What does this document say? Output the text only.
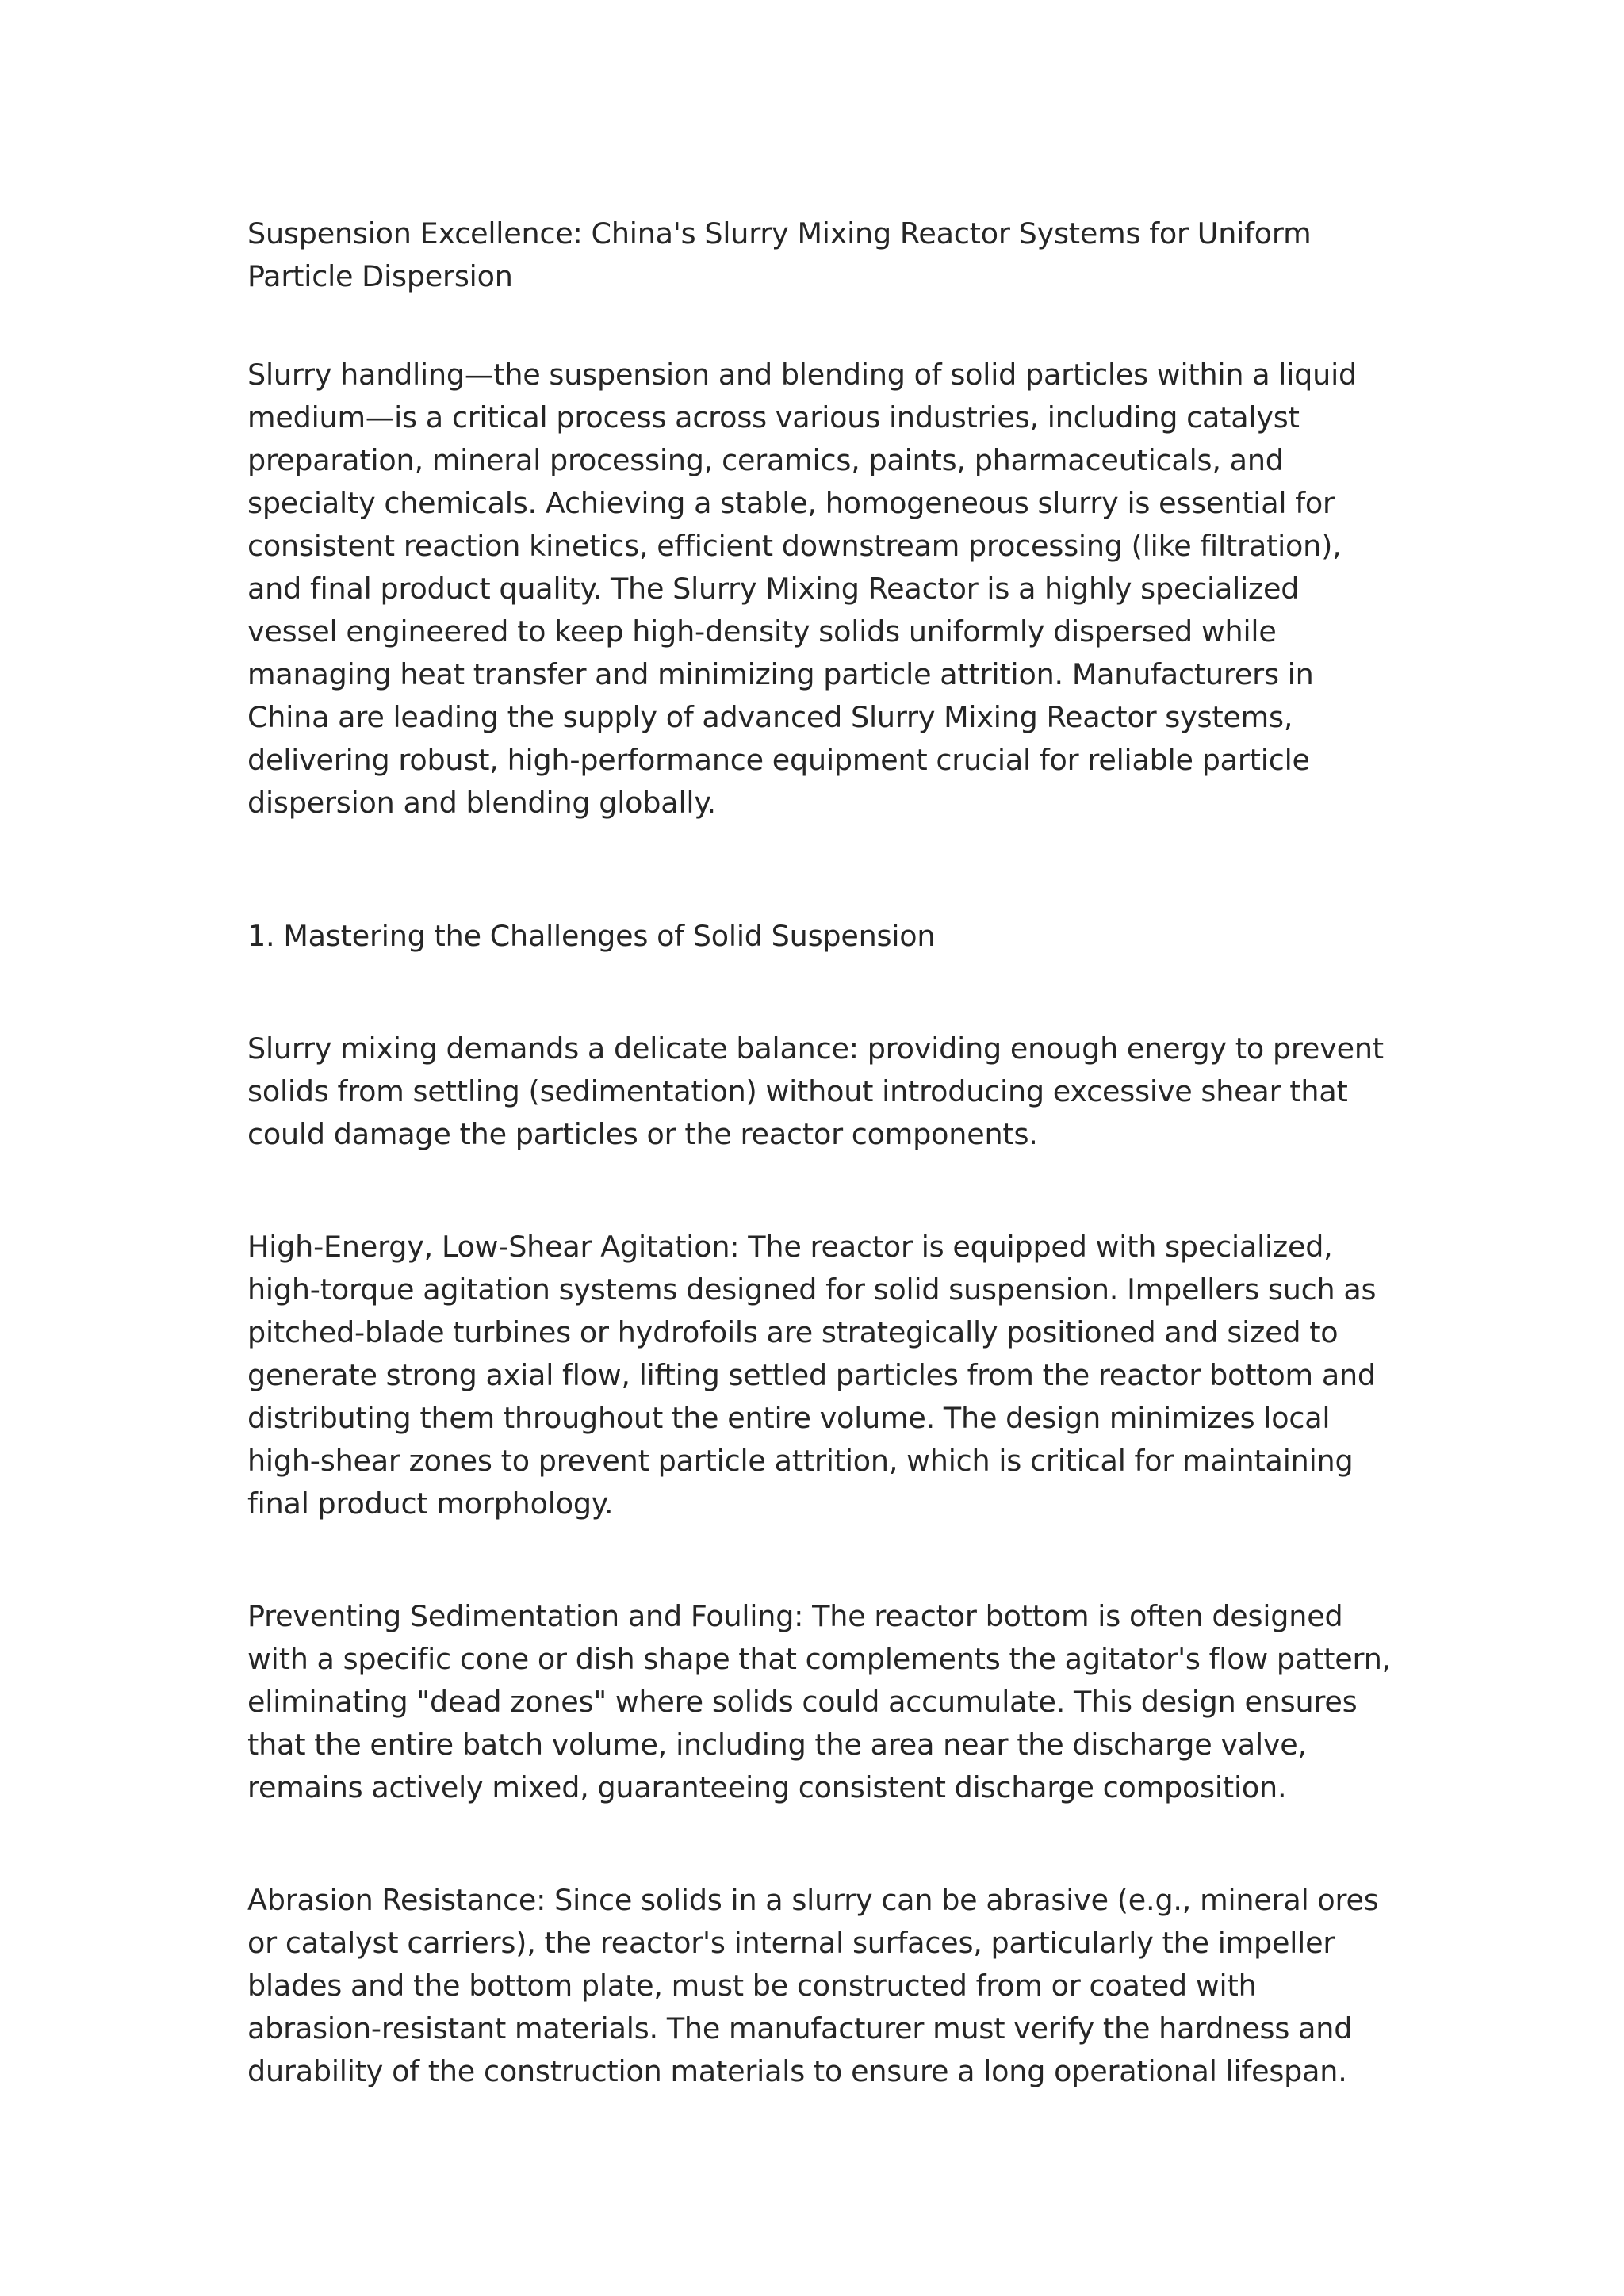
Suspension Excellence: China's Slurry Mixing Reactor Systems for Uniform Particle Dispersion

Slurry handling—the suspension and blending of solid particles within a liquid medium—is a critical process across various industries, including catalyst preparation, mineral processing, ceramics, paints, pharmaceuticals, and specialty chemicals. Achieving a stable, homogeneous slurry is essential for consistent reaction kinetics, efficient downstream processing (like filtration), and final product quality. The Slurry Mixing Reactor is a highly specialized vessel engineered to keep high-density solids uniformly dispersed while managing heat transfer and minimizing particle attrition. Manufacturers in China are leading the supply of advanced Slurry Mixing Reactor systems, delivering robust, high-performance equipment crucial for reliable particle dispersion and blending globally.

1. Mastering the Challenges of Solid Suspension

Slurry mixing demands a delicate balance: providing enough energy to prevent solids from settling (sedimentation) without introducing excessive shear that could damage the particles or the reactor components.

High-Energy, Low-Shear Agitation: The reactor is equipped with specialized, high-torque agitation systems designed for solid suspension. Impellers such as pitched-blade turbines or hydrofoils are strategically positioned and sized to generate strong axial flow, lifting settled particles from the reactor bottom and distributing them throughout the entire volume. The design minimizes local high-shear zones to prevent particle attrition, which is critical for maintaining final product morphology.

Preventing Sedimentation and Fouling: The reactor bottom is often designed with a specific cone or dish shape that complements the agitator's flow pattern, eliminating "dead zones" where solids could accumulate. This design ensures that the entire batch volume, including the area near the discharge valve, remains actively mixed, guaranteeing consistent discharge composition.

Abrasion Resistance: Since solids in a slurry can be abrasive (e.g., mineral ores or catalyst carriers), the reactor's internal surfaces, particularly the impeller blades and the bottom plate, must be constructed from or coated with abrasion-resistant materials. The manufacturer must verify the hardness and durability of the construction materials to ensure a long operational lifespan.
